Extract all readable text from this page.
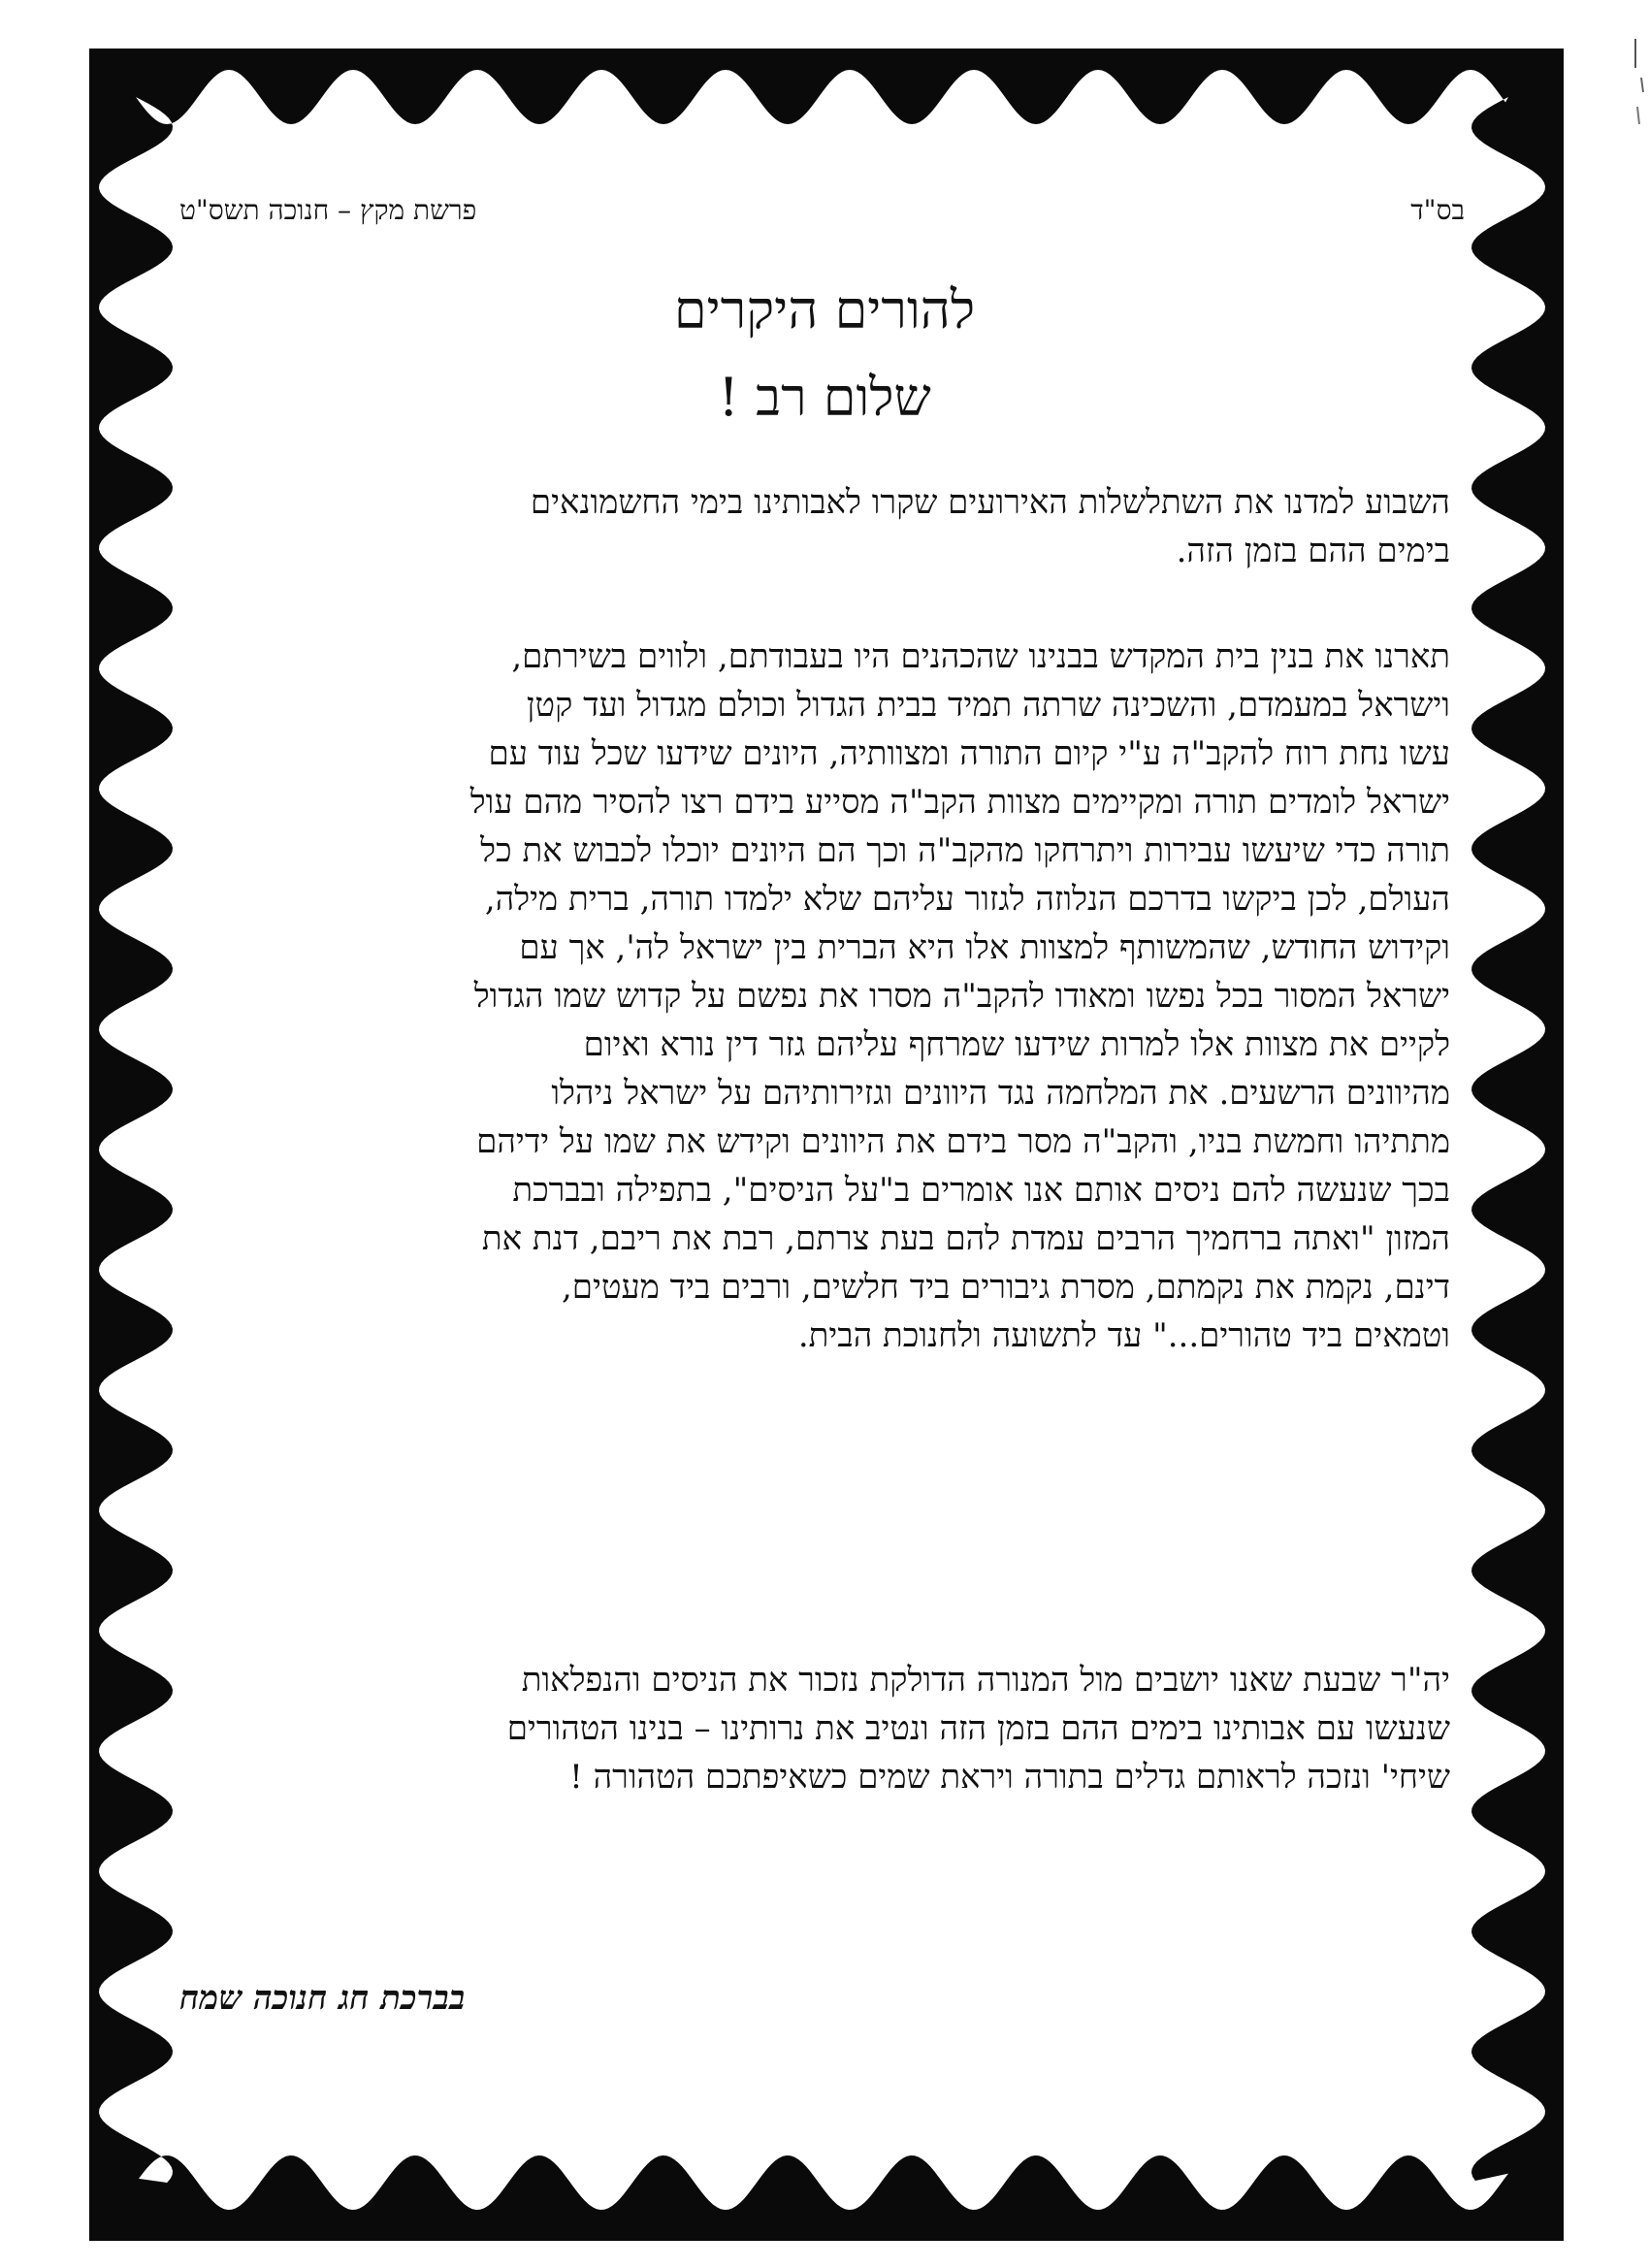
בס"ד
פרשת מקץ – חנוכה תשס"ט
להורים היקרים
שלום רב !
השבוע למדנו את השתלשלות האירועים שקרו לאבותינו בימי החשמונאים
בימים ההם בזמן הזה.
תארנו את בנין בית המקדש בבנינו שהכהנים היו בעבודתם, ולווים בשירתם,
וישראל במעמדם, והשכינה שרתה תמיד בבית הגדול וכולם מגדול ועד קטן
עשו נחת רוח להקב"ה ע"י קיום התורה ומצוותיה, היונים שידעו שכל עוד עם
ישראל לומדים תורה ומקיימים מצוות הקב"ה מסייע בידם רצו להסיר מהם עול
תורה כדי שיעשו עבירות ויתרחקו מהקב"ה וכך הם היונים יוכלו לכבוש את כל
העולם, לכן ביקשו בדרכם הנלוזה לגזור עליהם שלא ילמדו תורה, ברית מילה,
וקידוש החודש, שהמשותף למצוות אלו היא הברית בין ישראל לה', אך עם
ישראל המסור בכל נפשו ומאודו להקב"ה מסרו את נפשם על קדוש שמו הגדול
לקיים את מצוות אלו למרות שידעו שמרחף עליהם גזר דין נורא ואיום
מהיוונים הרשעים. את המלחמה נגד היוונים וגזירותיהם על ישראל ניהלו
מתתיהו וחמשת בניו, והקב"ה מסר בידם את היוונים וקידש את שמו על ידיהם
בכך שנעשה להם ניסים אותם אנו אומרים ב"על הניסים", בתפילה ובברכת
המזון "ואתה ברחמיך הרבים עמדת להם בעת צרתם, רבת את ריבם, דנת את
דינם, נקמת את נקמתם, מסרת גיבורים ביד חלשים, ורבים ביד מעטים,
וטמאים ביד טהורים..." עד לתשועה ולחנוכת הבית.
יה"ר שבעת שאנו יושבים מול המנורה הדולקת נזכור את הניסים והנפלאות
שנעשו עם אבותינו בימים ההם בזמן הזה ונטיב את נרותינו – בנינו הטהורים
שיחי' ונזכה לראותם גדלים בתורה ויראת שמים כשאיפתכם הטהורה !
בברכת חג חנוכה שמח
